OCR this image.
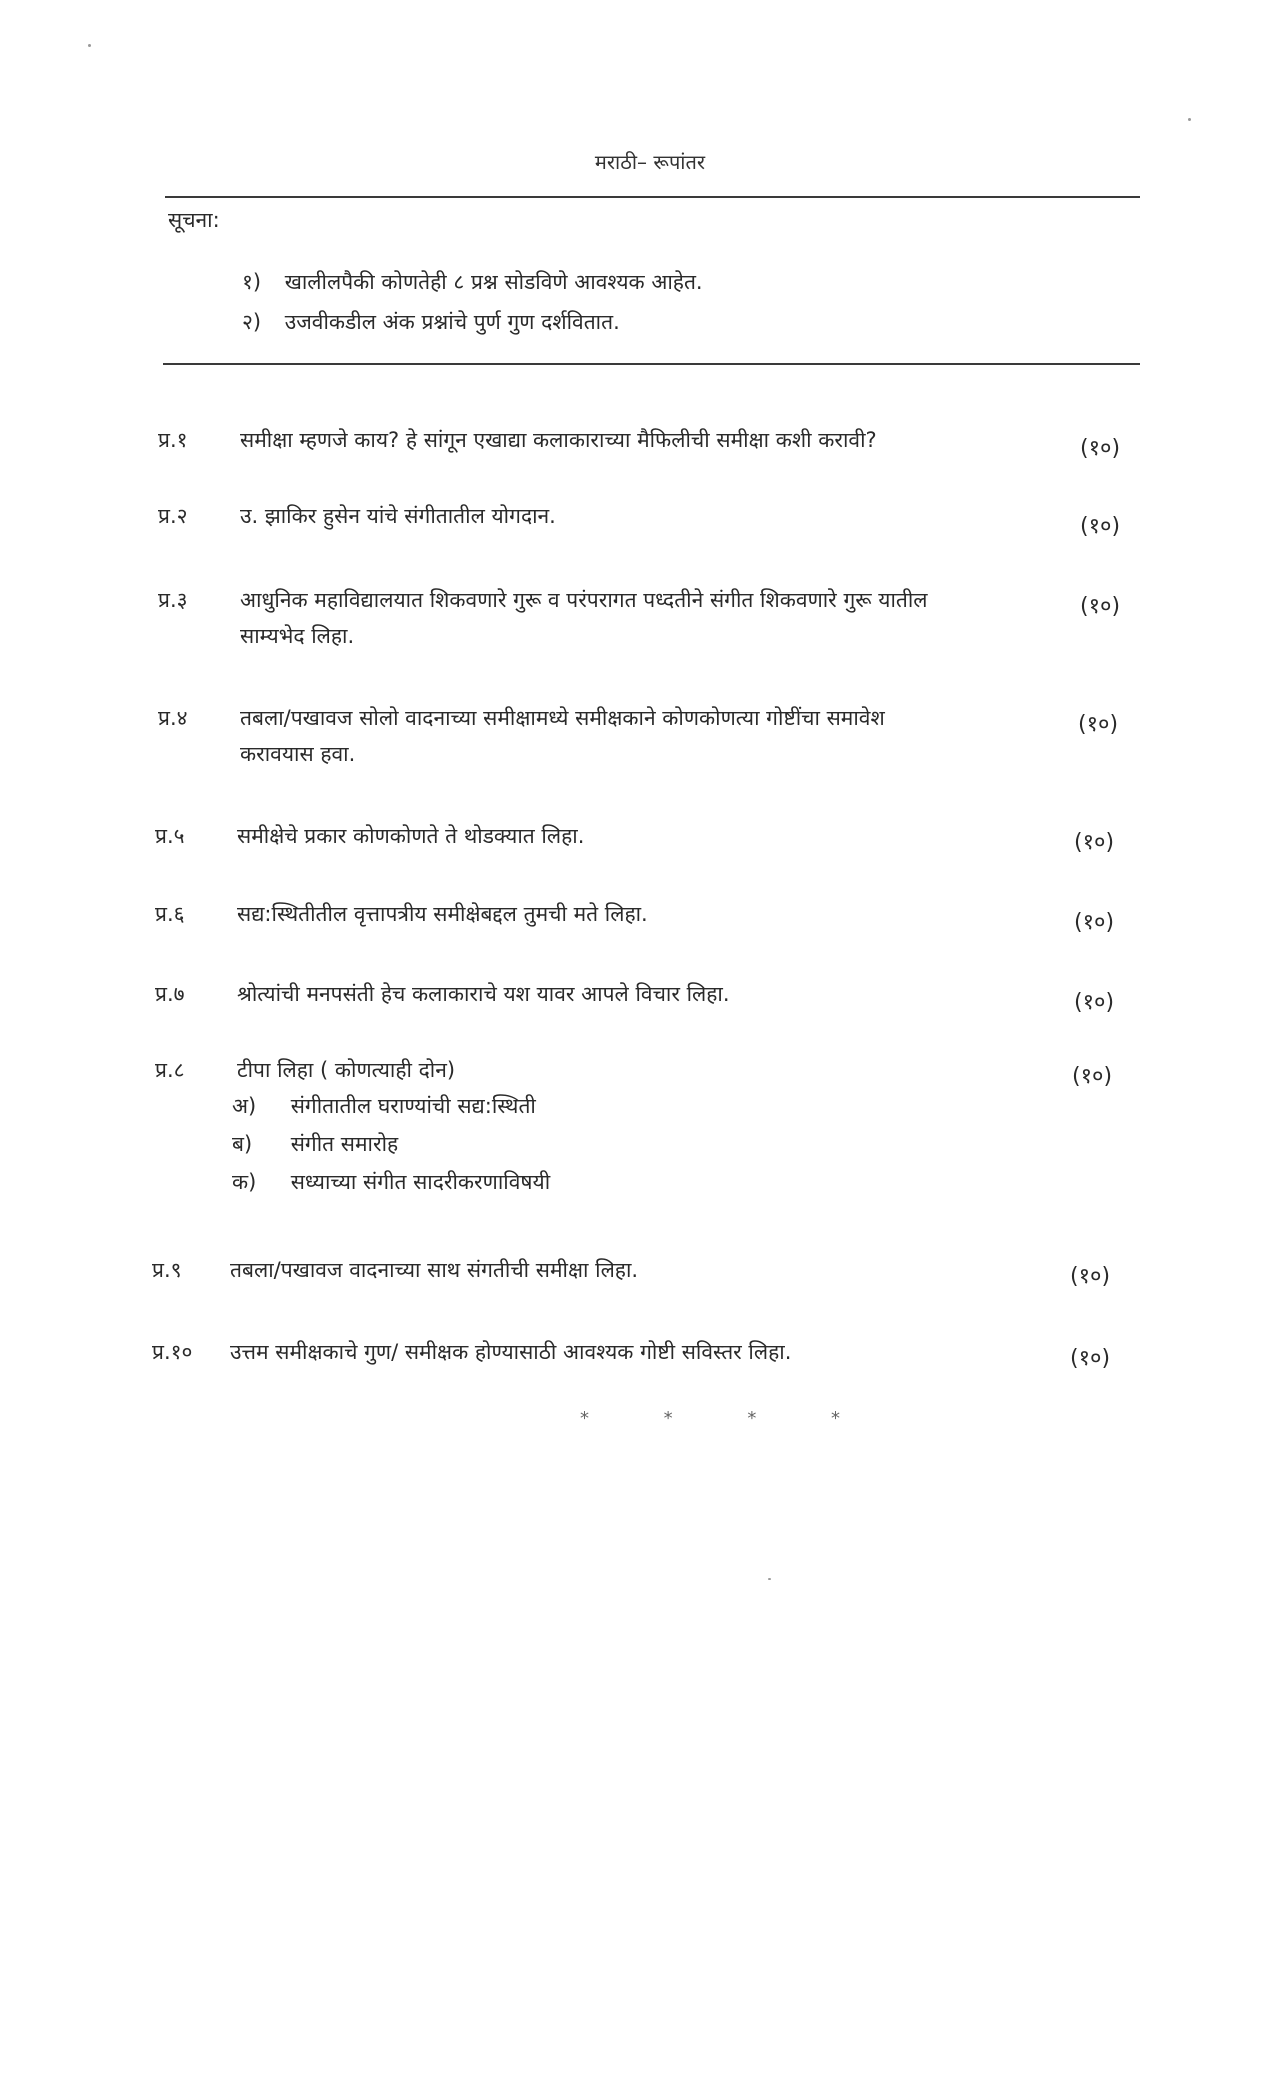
मराठी– रूपांतर
सूचना:
१) खालीलपैकी कोणतेही ८ प्रश्न सोडविणे आवश्यक आहेत.
२) उजवीकडील अंक प्रश्नांचे पुर्ण गुण दर्शवितात.
प्र.१ समीक्षा म्हणजे काय? हे सांगून एखाद्या कलाकाराच्या मैफिलीची समीक्षा कशी करावी?	(१०)
प्र.२ उ. झाकिर हुसेन यांचे संगीतातील योगदान.	(१०)
प्र.३ आधुनिक महाविद्यालयात शिकवणारे गुरू व परंपरागत पध्दतीने संगीत शिकवणारे गुरू यातील
साम्यभेद लिहा.
(१०)
प्र.४ तबला/पखावज सोलो वादनाच्या समीक्षामध्ये समीक्षकाने कोणकोणत्या गोष्टींचा समावेश
करावयास हवा.
(१०)
प्र.५ समीक्षेचे प्रकार कोणकोणते ते थोडक्यात लिहा.	(१०)
प्र.६ सद्य:स्थितीतील वृत्तापत्रीय समीक्षेबद्दल तुमची मते लिहा.	(१०)
प्र.७ श्रोत्यांची मनपसंती हेच कलाकाराचे यश यावर आपले विचार लिहा.	(१०)
प्र.८ टीपा लिहा ( कोणत्याही दोन)	(१०)
अ) संगीतातील घराण्यांची सद्य:स्थिती
ब) संगीत समारोह
क) सध्याच्या संगीत सादरीकरणाविषयी
प्र.९ तबला/पखावज वादनाच्या साथ संगतीची समीक्षा लिहा.	(१०)
प्र.१० उत्तम समीक्षकाचे गुण/ समीक्षक होण्यासाठी आवश्यक गोष्टी सविस्तर लिहा.	(१०)
*	*	*	*
